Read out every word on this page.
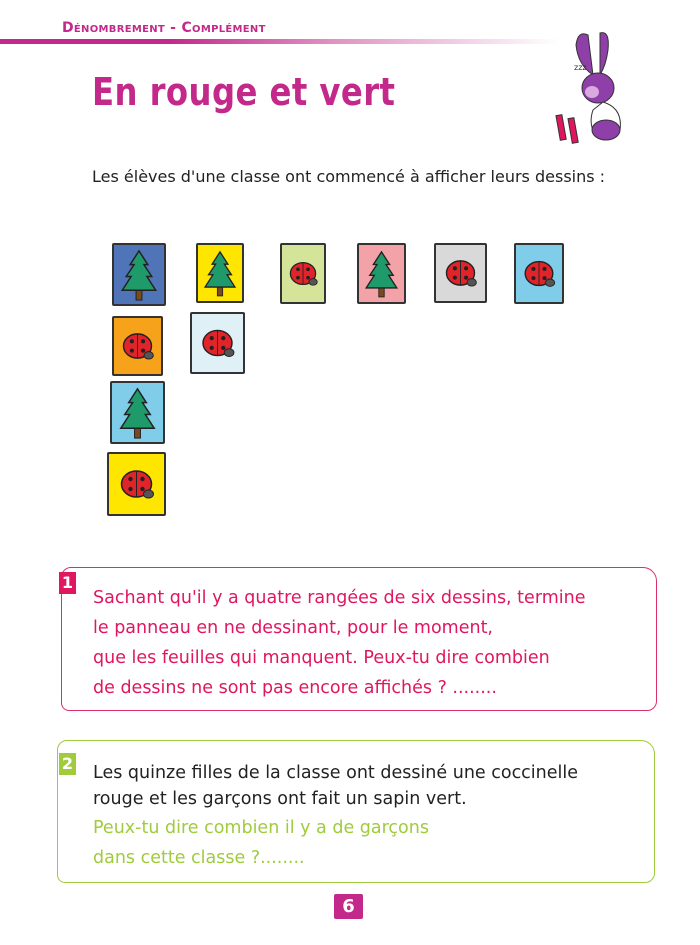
Dénombrement - Complément
En rouge et vert
zzz
Les élèves d'une classe ont commencé à afficher leurs dessins :
1
Sachant qu'il y a quatre rangées de six dessins, termine
le panneau en ne dessinant, pour le moment,
que les feuilles qui manquent. Peux-tu dire combien
de dessins ne sont pas encore affichés ? ........
2 Les quinze filles de la classe ont dessiné une coccinelle
rouge et les garçons ont fait un sapin vert.
Peux-tu dire combien il y a de garçons
dans cette classe ?........
6
